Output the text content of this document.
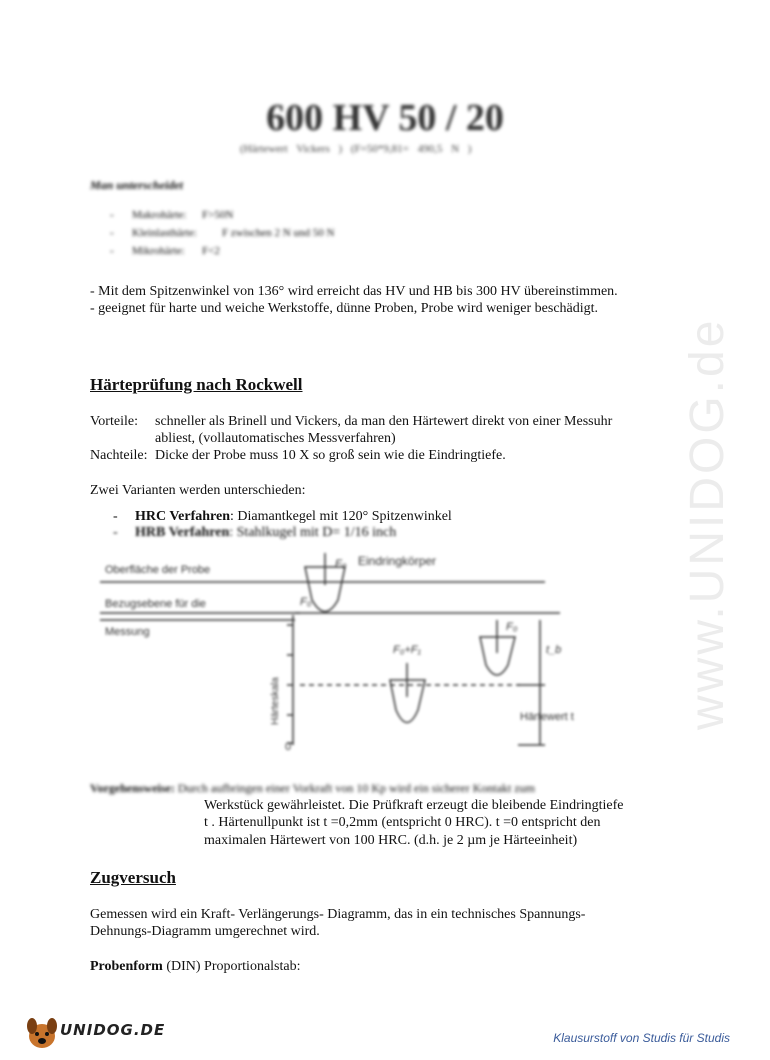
www.UNIDOG.de
600 HV 50 / 20
(Härtewert Vickers ) (F=50*9,81= 490,5 N )
Man unterscheidet
- Makrohärte: F>50N
- Kleinlasthärte: F zwischen 2 N und 50 N
- Mikrohärte: F<2
- Mit dem Spitzenwinkel von 136° wird erreicht das HV und HB bis 300 HV übereinstimmen.
- geeignet für harte und weiche Werkstoffe, dünne Proben, Probe wird weniger beschädigt.
Härteprüfung nach Rockwell
Vorteile: schneller als Brinell und Vickers, da man den Härtewert direkt von einer Messuhr
abliest, (vollautomatisches Messverfahren)
Nachteile: Dicke der Probe muss 10 X so groß sein wie die Eindringtiefe.
Zwei Varianten werden unterschieden:
- HRC Verfahren: Diamantkegel mit 120° Spitzenwinkel
- HRB Verfahren: Stahlkugel mit D= 1/16 inch
Oberfläche der Probe
Bezugsebene für die
Messung
Eindringkörper
F₀
F₀
F₀+F₁
F₀
t_b
Härtewert t
0
Härteskala
Vorgehensweise: Durch aufbringen einer Vorkraft von 10 Kp wird ein sicherer Kontakt zum
Werkstück gewährleistet. Die Prüfkraft erzeugt die bleibende Eindringtiefe
t . Härtenullpunkt ist t =0,2mm (entspricht 0 HRC). t =0 entspricht den
maximalen Härtewert von 100 HRC. (d.h. je 2 µm je Härteeinheit)
Zugversuch
Gemessen wird ein Kraft- Verlängerungs- Diagramm, das in ein technisches Spannungs-
Dehnungs-Diagramm umgerechnet wird.
Probenform (DIN) Proportionalstab:
UNIDOG.DE	Klausurstoff von Studis für Studis
